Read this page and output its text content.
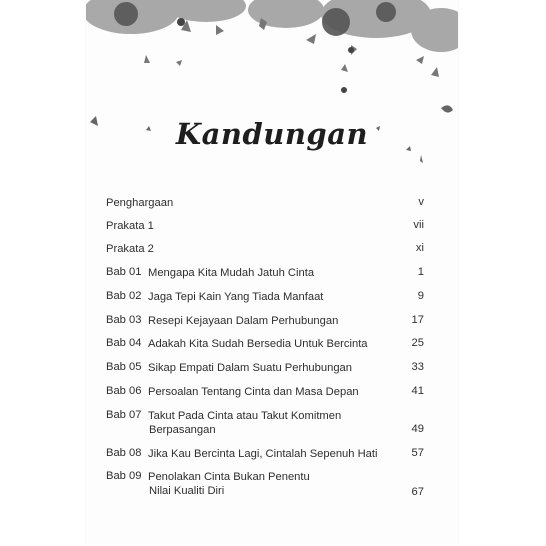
Kandungan
Penghargaan	v
Prakata 1	vii
Prakata 2	xi
Bab 01 Mengapa Kita Mudah Jatuh Cinta	1
Bab 02 Jaga Tepi Kain Yang Tiada Manfaat	9
Bab 03 Resepi Kejayaan Dalam Perhubungan	17
Bab 04 Adakah Kita Sudah Bersedia Untuk Bercinta	25
Bab 05 Sikap Empati Dalam Suatu Perhubungan	33
Bab 06 Persoalan Tentang Cinta dan Masa Depan	41
Bab 07 Takut Pada Cinta atau Takut Komitmen
Berpasangan	49
Bab 08 Jika Kau Bercinta Lagi, Cintalah Sepenuh Hati	57
Bab 09 Penolakan Cinta Bukan Penentu
Nilai Kualiti Diri	67
